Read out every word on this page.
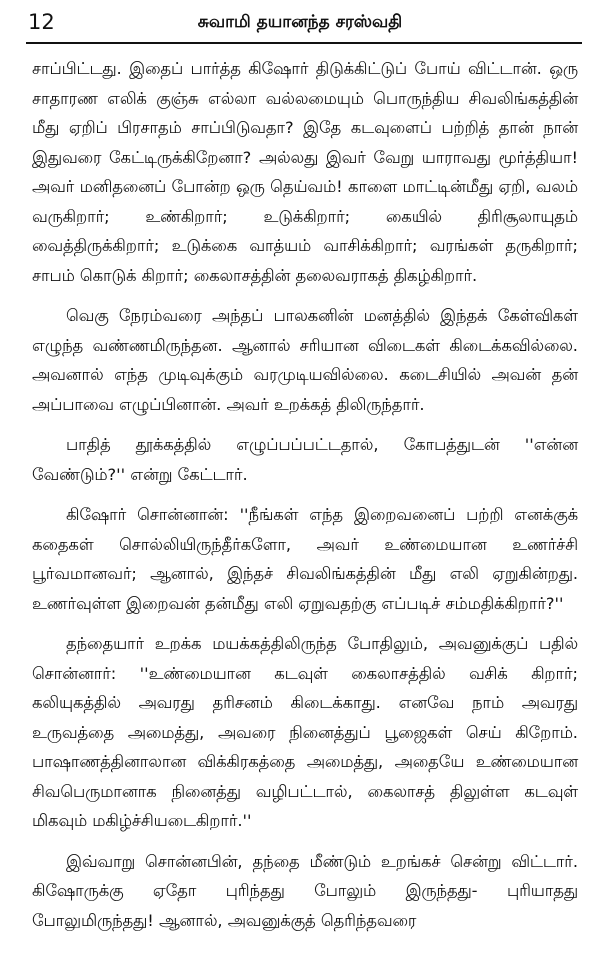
12	சுவாமி தயானந்த சரஸ்வதி

சாப்பிட்டது. இதைப் பார்த்த கிஷோர் திடுக்கிட்டுப் போய் விட்டான். ஒரு சாதாரண எலிக் குஞ்சு எல்லா வல்லமையும் பொருந்திய சிவலிங்கத்தின் மீது ஏறிப் பிரசாதம் சாப்பிடுவதா? இதே கடவுளைப் பற்றித் தான் நான் இதுவரை கேட்டிருக்கிறேனா? அல்லது இவர் வேறு யாராவது மூர்த்தியா! அவர் மனிதனைப் போன்ற ஒரு தெய்வம்! காளை மாட்டின்மீது ஏறி, வலம் வருகிறார்; உண்கிறார்; உடுக்கிறார்; கையில் திரிசூலாயுதம் வைத்திருக்கிறார்; உடுக்கை வாத்யம் வாசிக்கிறார்; வரங்கள் தருகிறார்; சாபம் கொடுக் கிறார்; கைலாசத்தின் தலைவராகத் திகழ்கிறார்.

வெகு நேரம்வரை அந்தப் பாலகனின் மனத்தில் இந்தக் கேள்விகள் எழுந்த வண்ணமிருந்தன. ஆனால் சரியான விடைகள் கிடைக்கவில்லை. அவனால் எந்த முடிவுக்கும் வரமுடியவில்லை. கடைசியில் அவன் தன் அப்பாவை எழுப்பினான். அவர் உறக்கத் திலிருந்தார்.

பாதித் தூக்கத்தில் எழுப்பப்பட்டதால், கோபத்துடன் ''என்ன வேண்டும்?'' என்று கேட்டார்.

கிஷோர் சொன்னான்: ''நீங்கள் எந்த இறைவனைப் பற்றி எனக்குக் கதைகள் சொல்லியிருந்தீர்களோ, அவர் உண்மையான உணர்ச்சி பூர்வமானவர்; ஆனால், இந்தச் சிவலிங்கத்தின் மீது எலி ஏறுகின்றது. உணர்வுள்ள இறைவன் தன்மீது எலி ஏறுவதற்கு எப்படிச் சம்மதிக்கிறார்?''

தந்தையார் உறக்க மயக்கத்திலிருந்த போதிலும், அவனுக்குப் பதில் சொன்னார்: ''உண்மையான கடவுள் கைலாசத்தில் வசிக் கிறார்; கலியுகத்தில் அவரது தரிசனம் கிடைக்காது. எனவே நாம் அவரது உருவத்தை அமைத்து, அவரை நினைத்துப் பூஜைகள் செய் கிறோம். பாஷாணத்தினாலான விக்கிரகத்தை அமைத்து, அதையே உண்மையான சிவபெருமானாக நினைத்து வழிபட்டால், கைலாசத் திலுள்ள கடவுள் மிகவும் மகிழ்ச்சியடைகிறார்.''

இவ்வாறு சொன்னபின், தந்தை மீண்டும் உறங்கச் சென்று விட்டார். கிஷோருக்கு ஏதோ புரிந்தது போலும் இருந்தது- புரியாதது போலுமிருந்தது! ஆனால், அவனுக்குத் தெரிந்தவரை
